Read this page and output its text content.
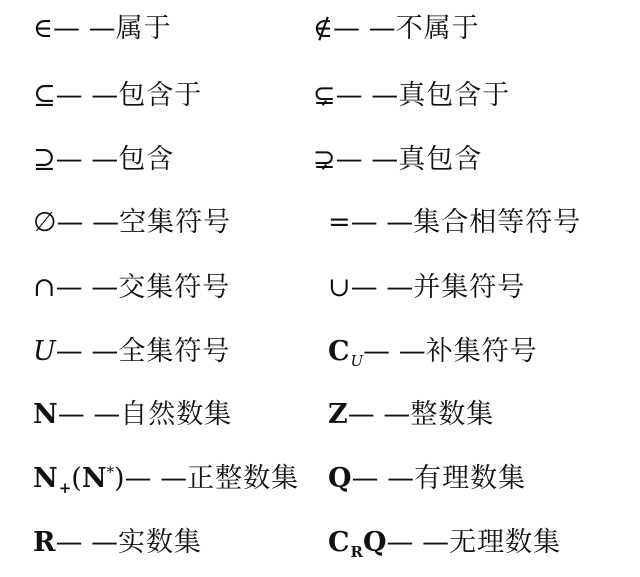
∈ — — 属于	∉ — — 不属于
⊆ — — 包含于	⊊ — — 真包含于
⊇ — — 包含	⊋ — — 真包含
∅ — — 空集符号	= — — 集合相等符号
∩ — — 交集符号	∪ — — 并集符号
U — — 全集符号	C U — — 补集符号
N — — 自然数集	Z — — 整数集
N + ( N * ) — — 正整数集 Q — — 有理数集
R — — 实数集	C R Q — — 无理数集
